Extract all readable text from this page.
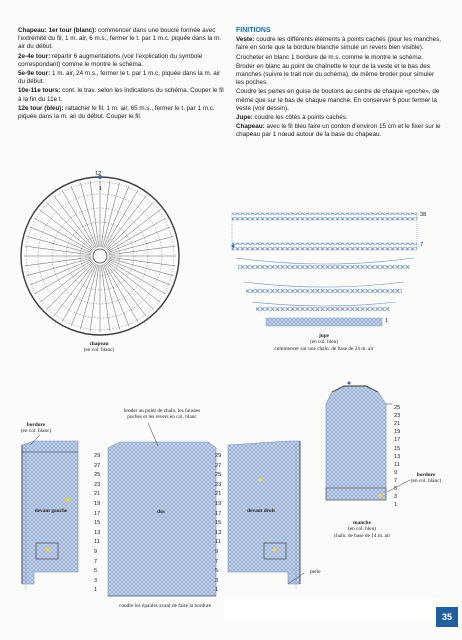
Chapeau: 1er tour (blanc): commencer dans une boucle formée avec l'extrémité du fil, 1 m. air, 6 m.s., fermer le t. par 1 m.c. piquée dans la m. air du début.

2e-4e tour: répartir 6 augmentations (voir l'explication du symbole correspondant) comme le montre le schéma.

5e-9e tour: 1 m. air, 24 m.s., fermer le t. par 1 m.c. piquée dans la m. air du début.

10e-11e tours: cont. le trav. selon les indications du schéma. Couper le fil à la fin du 11e t.

12e tour (bleu): rattacher le fil, 1 m. air, 65 m.s., fermer le t. par 1 m.c. piquée dans la m. air du début. Couper le fil.

FINITIONS

Veste: coudre les différents éléments à points cachés (pour les manches, faire en sorte que la bordure blanche simule un revers bien visible).

Crocheter en blanc 1 bordure de m.s. comme le montre le schéma.

Broder en blanc au point de chaînette le tour de la veste et le bas des manches (suivre le trait noir du schéma), de même broder pour simuler les poches.

Coudre les perles en guise de boutons au centre de chaque «poche», de même que sur le bas de chaque manche. En conserver 6 pour fermer la veste (voir dessin).

Jupe: coudre les côtés à points cachés.

Chapeau: avec le fil bleu faire un cordon d'environ 15 cm et le fixer sur le chapeau par 1 nœud autour de la base du chapeau.

12
1
chapeau
(en col. blanc)
38
7
1
jupe
(en col. bleu)
commencer sur une chaîn. de base de 24 m. air
25
23
21
19
17
15
13
11
9
7
5
3
1
manche
(en col. bleu)
chaîn. de base de 14 m. air
bordure
(en col. blanc)
bordure
(en col. blanc)
broder au point de chaîn. les fausses poches et les revers en col. blanc
devant gauche	dos	devant droit
perle
coudre les épaules avant de faire la bordure
29
27
25
23
21
19
17
15
13
11
9
7
5
3
1
29
27
25
23
21
19
17
15
13
11
9
7
5
3
1
35
